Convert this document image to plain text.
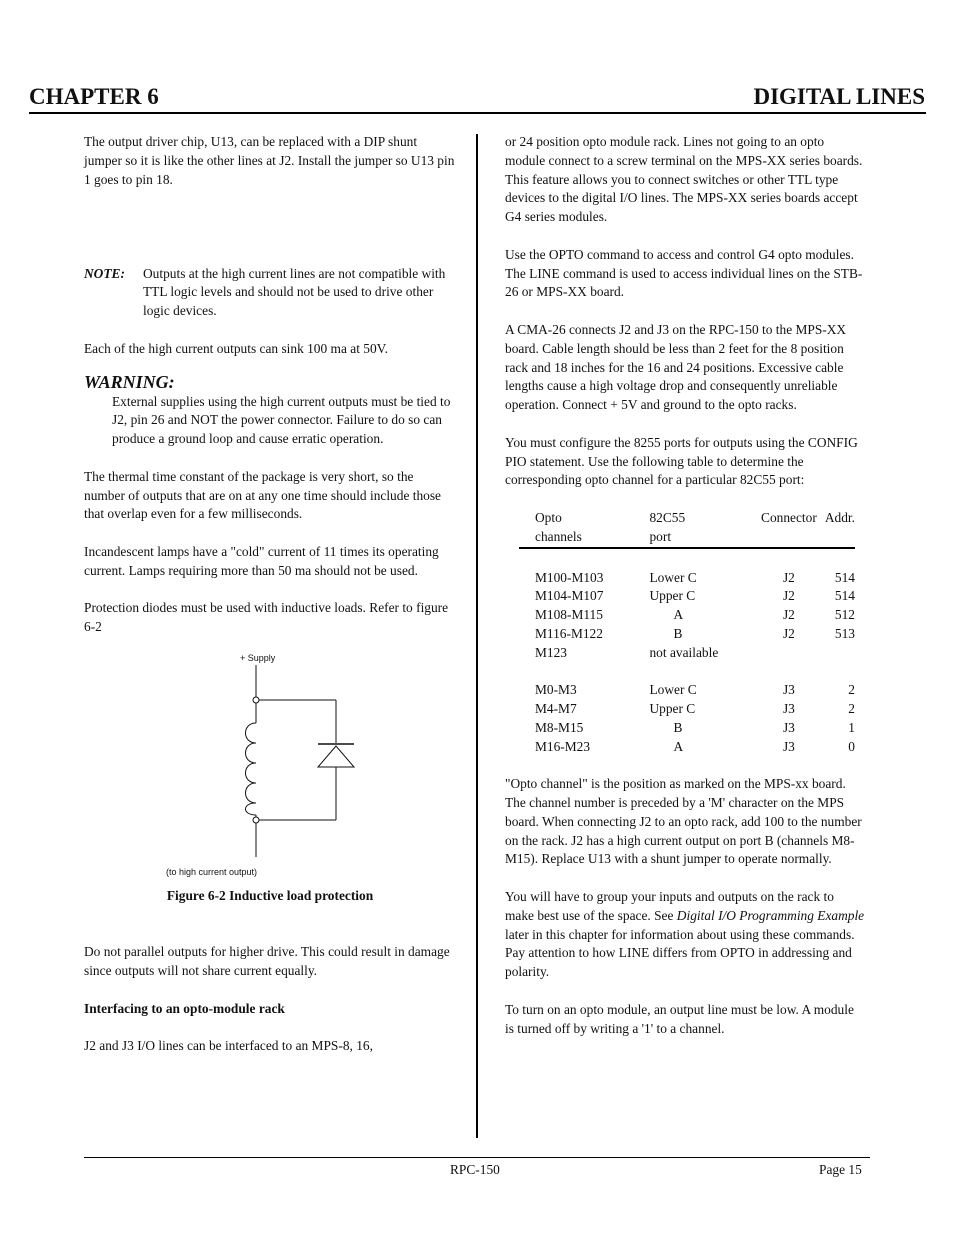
CHAPTER 6	DIGITAL LINES

The output driver chip, U13, can be replaced with a DIP shunt jumper so it is like the other lines at J2. Install the jumper so U13 pin 1 goes to pin 18.

NOTE:	Outputs at the high current lines are not compatible with TTL logic levels and should not be used to drive other logic devices.

Each of the high current outputs can sink 100 ma at 50V.

WARNING:

External supplies using the high current outputs must be tied to J2, pin 26 and NOT the power connector. Failure to do so can produce a ground loop and cause erratic operation.

The thermal time constant of the package is very short, so the number of outputs that are on at any one time should include those that overlap even for a few milliseconds.

Incandescent lamps have a "cold" current of 11 times its operating current. Lamps requiring more than 50 ma should not be used.

Protection diodes must be used with inductive loads. Refer to figure 6-2

+ Supply
(to high current output)
Figure 6-2 Inductive load protection

Do not parallel outputs for higher drive. This could result in damage since outputs will not share current equally.

Interfacing to an opto-module rack

J2 and J3 I/O lines can be interfaced to an MPS-8, 16,

or 24 position opto module rack. Lines not going to an opto module connect to a screw terminal on the MPS-XX series boards. This feature allows you to connect switches or other TTL type devices to the digital I/O lines. The MPS-XX series boards accept G4 series modules.

Use the OPTO command to access and control G4 opto modules. The LINE command is used to access individual lines on the STB-26 or MPS-XX board.

A CMA-26 connects J2 and J3 on the RPC-150 to the MPS-XX board. Cable length should be less than 2 feet for the 8 position rack and 18 inches for the 16 and 24 positions. Excessive cable lengths cause a high voltage drop and consequently unreliable operation. Connect + 5V and ground to the opto racks.

You must configure the 8255 ports for outputs using the CONFIG PIO statement. Use the following table to determine the corresponding opto channel for a particular 82C55 port:

Opto	82C55	Connector	Addr.
channels	port		

M100-M103	Lower C	J2	514
M104-M107	Upper C	J2	514
M108-M115	A	J2	512
M116-M122	B	J2	513
M123	not available		

M0-M3	Lower C	J3	2
M4-M7	Upper C	J3	2
M8-M15	B	J3	1
M16-M23	A	J3	0

"Opto channel" is the position as marked on the MPS-xx board. The channel number is preceded by a 'M' character on the MPS board. When connecting J2 to an opto rack, add 100 to the number on the rack. J2 has a high current output on port B (channels M8-M15). Replace U13 with a shunt jumper to operate normally.

You will have to group your inputs and outputs on the rack to make best use of the space. See Digital I/O Programming Example later in this chapter for information about using these commands. Pay attention to how LINE differs from OPTO in addressing and polarity.

To turn on an opto module, an output line must be low. A module is turned off by writing a '1' to a channel.

RPC-150	Page 15
